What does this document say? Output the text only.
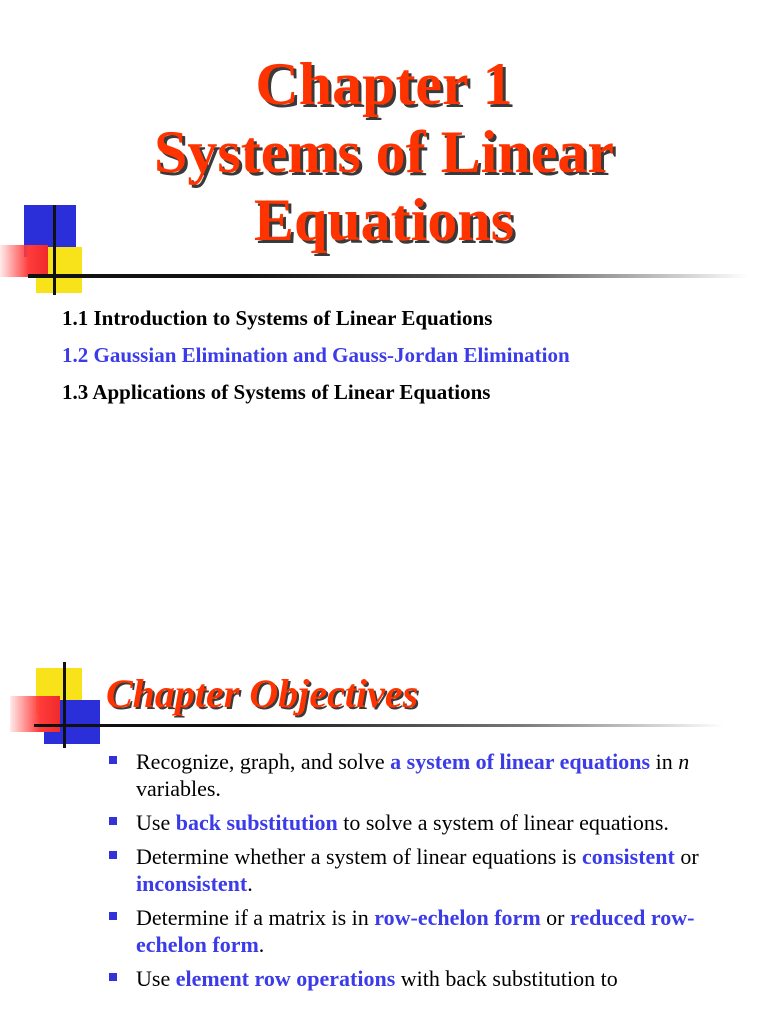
Chapter 1
Systems of Linear
Equations
1.1 Introduction to Systems of Linear Equations
1.2 Gaussian Elimination and Gauss-Jordan Elimination
1.3 Applications of Systems of Linear Equations
Chapter Objectives
Recognize, graph, and solve a system of linear equations in n variables.
Use back substitution to solve a system of linear equations.
Determine whether a system of linear equations is consistent or inconsistent.
Determine if a matrix is in row-echelon form or reduced row-echelon form.
Use element row operations with back substitution to
